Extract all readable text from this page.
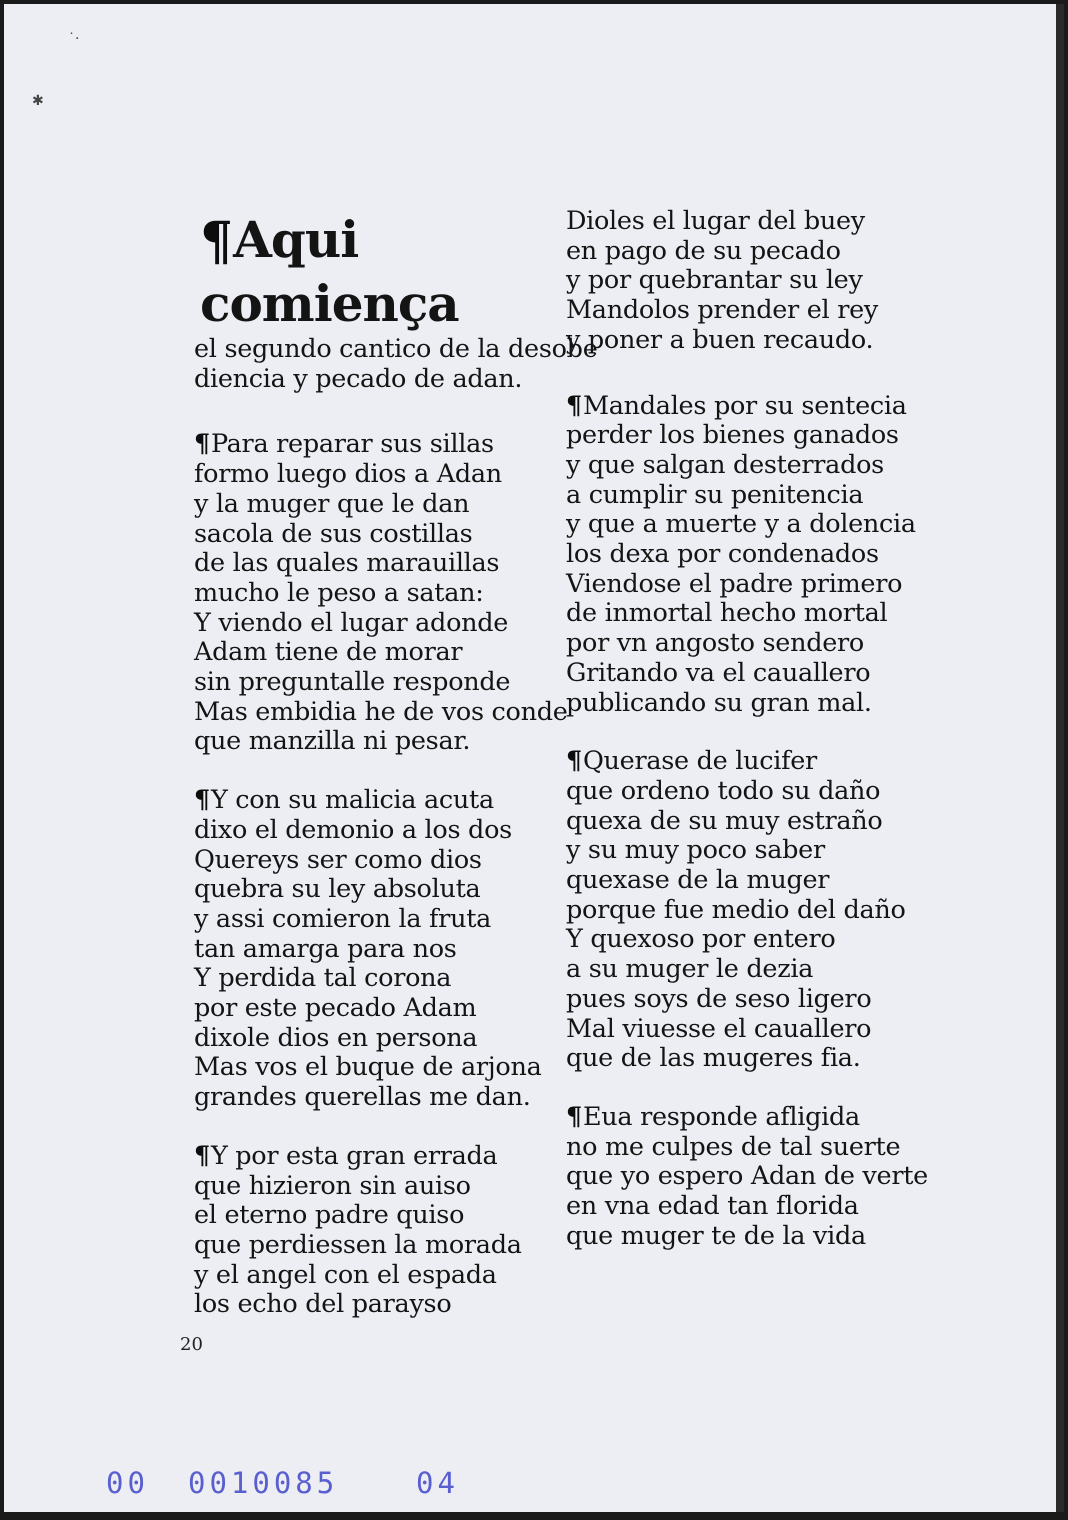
˙·
✱
¶Aqui comiença
el segundo cantico de la desobe
diencia y pecado de adan.
¶Para reparar sus sillas
formo luego dios a Adan
y la muger que le dan
sacola de sus costillas
de las quales marauillas
mucho le peso a satan:
Y viendo el lugar adonde
Adam tiene de morar
sin preguntalle responde
Mas embidia he de vos conde
que manzilla ni pesar.
¶Y con su malicia acuta
dixo el demonio a los dos
Quereys ser como dios
quebra su ley absoluta
y assi comieron la fruta
tan amarga para nos
Y perdida tal corona
por este pecado Adam
dixole dios en persona
Mas vos el buque de arjona
grandes querellas me dan.
¶Y por esta gran errada
que hizieron sin auiso
el eterno padre quiso
que perdiessen la morada
y el angel con el espada
los echo del parayso
Dioles el lugar del buey
en pago de su pecado
y por quebrantar su ley
Mandolos prender el rey
y poner a buen recaudo.
¶Mandales por su sentecia
perder los bienes ganados
y que salgan desterrados
a cumplir su penitencia
y que a muerte y a dolencia
los dexa por condenados
Viendose el padre primero
de inmortal hecho mortal
por vn angosto sendero
Gritando va el cauallero
publicando su gran mal.
¶Querase de lucifer
que ordeno todo su daño
quexa de su muy estraño
y su muy poco saber
quexase de la muger
porque fue medio del daño
Y quexoso por entero
a su muger le dezia
pues soys de seso ligero
Mal viuesse el cauallero
que de las mugeres fia.
¶Eua responde afligida
no me culpes de tal suerte
que yo espero Adan de verte
en vna edad tan florida
que muger te de la vida
20
00 0010085	04
